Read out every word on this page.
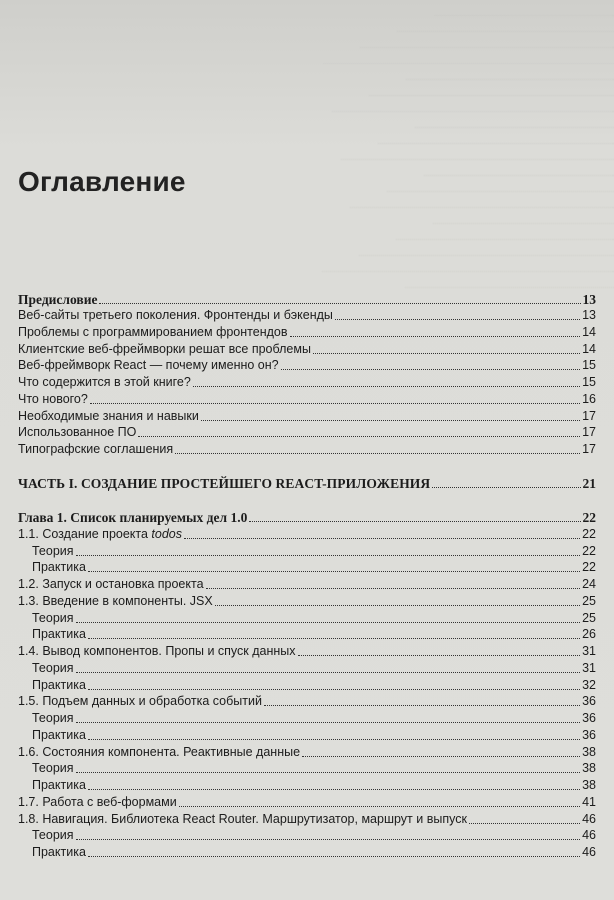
Оглавление
Предисловие	13
Веб-сайты третьего поколения. Фронтенды и бэкенды	13
Проблемы с программированием фронтендов	14
Клиентские веб-фреймворки решат все проблемы	14
Веб-фреймворк React — почему именно он?	15
Что содержится в этой книге?	15
Что нового?	16
Необходимые знания и навыки	17
Использованное ПО	17
Типографские соглашения	17
ЧАСТЬ I. СОЗДАНИЕ ПРОСТЕЙШЕГО REACT-ПРИЛОЖЕНИЯ	21
Глава 1. Список планируемых дел 1.0	22
1.1. Создание проекта todos	22
Теория	22
Практика	22
1.2. Запуск и остановка проекта	24
1.3. Введение в компоненты. JSX	25
Теория	25
Практика	26
1.4. Вывод компонентов. Пропы и спуск данных	31
Теория	31
Практика	32
1.5. Подъем данных и обработка событий	36
Теория	36
Практика	36
1.6. Состояния компонента. Реактивные данные	38
Теория	38
Практика	38
1.7. Работа с веб-формами	41
1.8. Навигация. Библиотека React Router. Маршрутизатор, маршрут и выпуск	46
Теория	46
Практика	46
